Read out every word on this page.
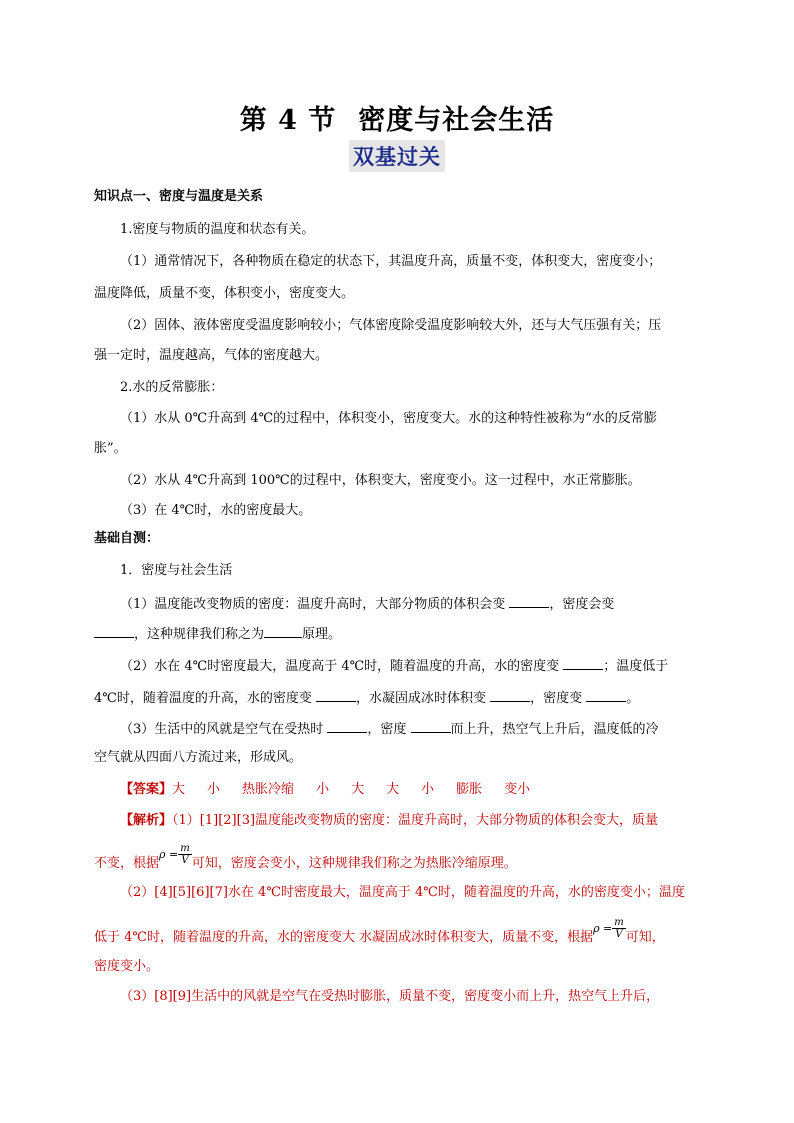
第 4 节 密度与社会生活
双基过关
知识点一、密度与温度是关系
1.密度与物质的温度和状态有关。
（1）通常情况下，各种物质在稳定的状态下，其温度升高，质量不变，体积变大，密度变小；
温度降低，质量不变，体积变小，密度变大。
（2）固体、液体密度受温度影响较小；气体密度除受温度影响较大外，还与大气压强有关；压
强一定时，温度越高，气体的密度越大。
2.水的反常膨胀：
（1）水从 0℃升高到 4℃的过程中，体积变小，密度变大。水的这种特性被称为“水的反常膨
胀”。
（2）水从 4℃升高到 100℃的过程中，体积变大，密度变小。这一过程中，水正常膨胀。
（3）在 4℃时，水的密度最大。
基础自测：
1．密度与社会生活
（1）温度能改变物质的密度：温度升高时，大部分物质的体积会变	，密度会变
，这种规律我们称之为	原理。
（2）水在 4℃时密度最大，温度高于 4℃时，随着温度的升高，水的密度变	；温度低于
4℃时，随着温度的升高，水的密度变	，水凝固成冰时体积变	，密度变	。
（3）生活中的风就是空气在受热时	，密度	而上升，热空气上升后，温度低的冷
空气就从四面八方流过来，形成风。
【答案】大 小 热胀冷缩 小 大 大 小 膨胀 变小
【解析】（1）[1][2][3]温度能改变物质的密度：温度升高时，大部分物质的体积会变大，质量
不变，根据$\rho = \frac{m}{V}$ 可知，密度会变小，这种规律我们称之为热胀冷缩原理。
（2）[4][5][6][7]水在 4℃时密度最大，温度高于 4℃时，随着温度的升高，水的密度变小；温度
低于 4℃时，随着温度的升高，水的密度变大 水凝固成冰时体积变大，质量不变，根据$\rho = \frac{m}{V}$ 可知，
密度变小。
（3）[8][9]生活中的风就是空气在受热时膨胀，质量不变，密度变小而上升，热空气上升后，
